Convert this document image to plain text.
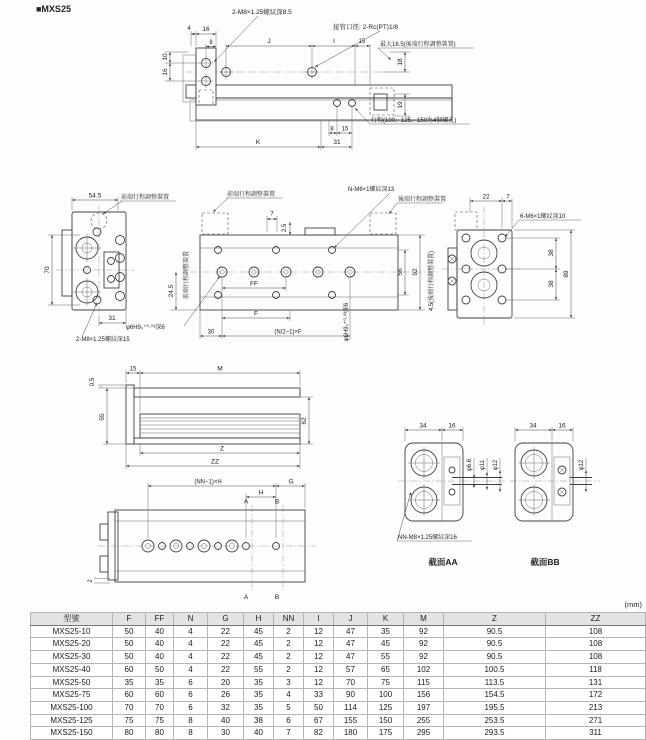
■MXS25	2-M8×1.25螺紋深8.5
接管口徑: 2-Rc(PT)1/8
最大16.5(後端行程調整裝置)
行程(100、125、150為4個螺孔)
4 16
8
10
16
J	I	15
18
19
8 15
31
K
54.5	前端行程調整裝置
70
31
2-M8×1.25螺紋深15
前端行程調整裝置
N-M6×1螺紋深13
後端行程調整裝置
7
2.5
FF
F
(N/2−1)×F
30
24.5	前端行程調整裝置	56 92
φ6H9₀⁺⁰·⁰³深6	φ6H9₀⁺⁰·⁰³深6
22	7
38
38
89
6-M6×1螺紋深10
4.5(後端行程調整裝置)
0.5
15	M
55
62
Z
ZZ
(NN−1)×H	G
H
A	B
A	B
2
φ6.6 φ11 φ12
34	16
NN-M8×1.25螺紋深16
截面AA
φ12
34	16
截面BB
(mm)
型號	F	FF	N	G	H	NN	I	J	K	M	Z	ZZ
MXS25-10	50	40	4	22	45	2	12	47	35	92	90.5	108
MXS25-20	50	40	4	22	45	2	12	47	45	92	90.5	108
MXS25-30	50	40	4	22	45	2	12	47	55	92	90.5	108
MXS25-40	60	50	4	22	55	2	12	57	65	102	100.5	118
MXS25-50	35	35	6	20	35	3	12	70	75	115	113.5	131
MXS25-75	60	60	6	26	35	4	33	90	100	156	154.5	172
MXS25-100	70	70	6	32	35	5	50	114	125	197	195.5	213
MXS25-125	75	75	8	40	38	6	67	155	150	255	253.5	271
MXS25-150	80	80	8	30	40	7	82	180	175	295	293.5	311
